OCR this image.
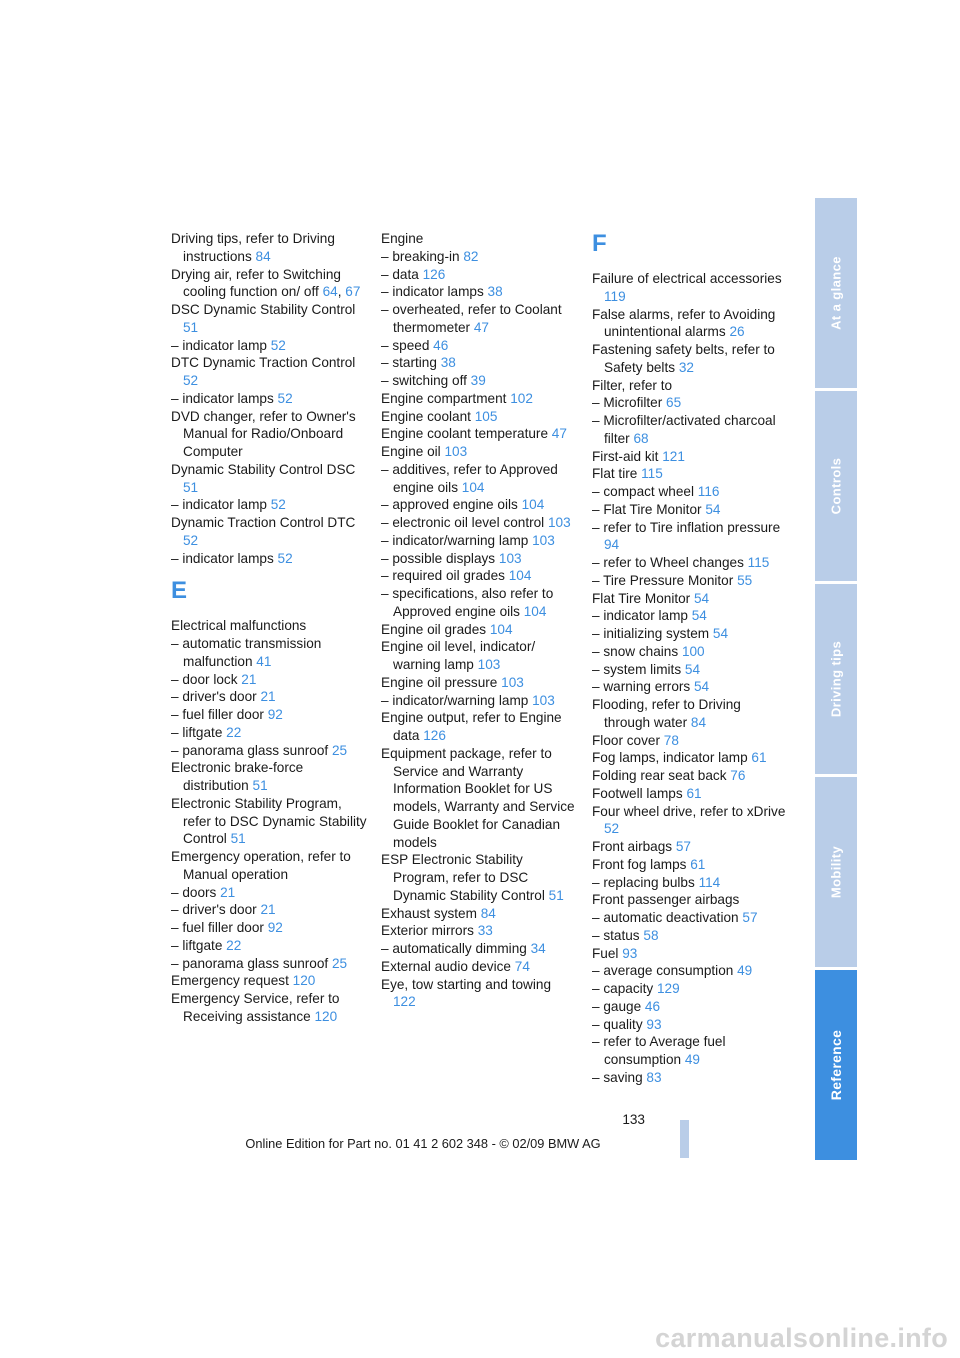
Driving tips, refer to Driving instructions 84
Drying air, refer to Switching cooling function on/ off 64, 67
DSC Dynamic Stability Control 51
– indicator lamp 52
DTC Dynamic Traction Control 52
– indicator lamps 52
DVD changer, refer to Owner's Manual for Radio/Onboard Computer
Dynamic Stability Control DSC 51
– indicator lamp 52
Dynamic Traction Control DTC 52
– indicator lamps 52
E
Electrical malfunctions
– automatic transmission malfunction 41
– door lock 21
– driver's door 21
– fuel filler door 92
– liftgate 22
– panorama glass sunroof 25
Electronic brake-force distribution 51
Electronic Stability Program, refer to DSC Dynamic Stability Control 51
Emergency operation, refer to Manual operation
– doors 21
– driver's door 21
– fuel filler door 92
– liftgate 22
– panorama glass sunroof 25
Emergency request 120
Emergency Service, refer to Receiving assistance 120
Engine
– breaking-in 82
– data 126
– indicator lamps 38
– overheated, refer to Coolant thermometer 47
– speed 46
– starting 38
– switching off 39
Engine compartment 102
Engine coolant 105
Engine coolant temperature 47
Engine oil 103
– additives, refer to Approved engine oils 104
– approved engine oils 104
– electronic oil level control 103
– indicator/warning lamp 103
– possible displays 103
– required oil grades 104
– specifications, also refer to Approved engine oils 104
Engine oil grades 104
Engine oil level, indicator/ warning lamp 103
Engine oil pressure 103
– indicator/warning lamp 103
Engine output, refer to Engine data 126
Equipment package, refer to Service and Warranty Information Booklet for US models, Warranty and Service Guide Booklet for Canadian models
ESP Electronic Stability Program, refer to DSC Dynamic Stability Control 51
Exhaust system 84
Exterior mirrors 33
– automatically dimming 34
External audio device 74
Eye, tow starting and towing 122
F
Failure of electrical accessories 119
False alarms, refer to Avoiding unintentional alarms 26
Fastening safety belts, refer to Safety belts 32
Filter, refer to
– Microfilter 65
– Microfilter/activated charcoal filter 68
First-aid kit 121
Flat tire 115
– compact wheel 116
– Flat Tire Monitor 54
– refer to Tire inflation pressure 94
– refer to Wheel changes 115
– Tire Pressure Monitor 55
Flat Tire Monitor 54
– indicator lamp 54
– initializing system 54
– snow chains 100
– system limits 54
– warning errors 54
Flooding, refer to Driving through water 84
Floor cover 78
Fog lamps, indicator lamp 61
Folding rear seat back 76
Footwell lamps 61
Four wheel drive, refer to xDrive 52
Front airbags 57
Front fog lamps 61
– replacing bulbs 114
Front passenger airbags
– automatic deactivation 57
– status 58
Fuel 93
– average consumption 49
– capacity 129
– gauge 46
– quality 93
– refer to Average fuel consumption 49
– saving 83
At a glance
Controls
Driving tips
Mobility
Reference
133
Online Edition for Part no. 01 41 2 602 348 - © 02/09 BMW AG
carmanualsonline.info
